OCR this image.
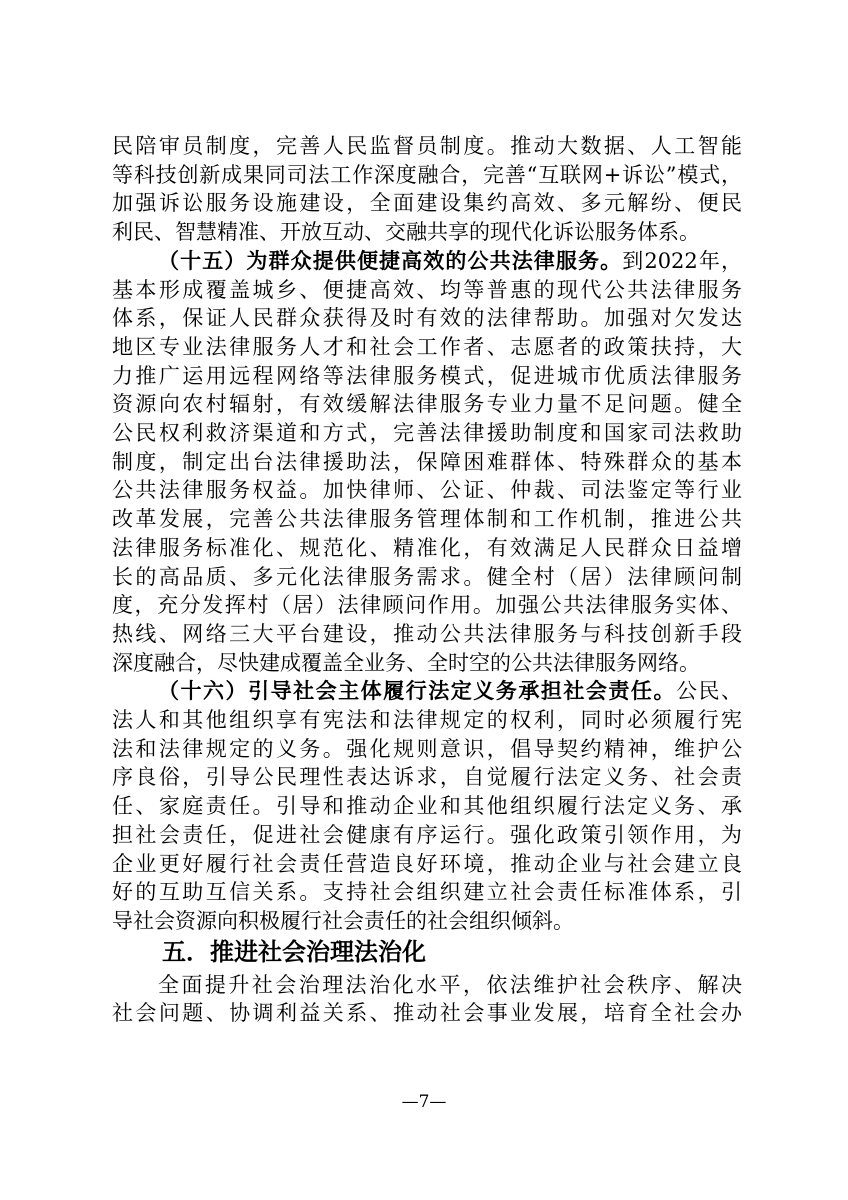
五．推进社会治理法治化
全面提升社会治理法治化水平，依法维护社会秩序、解决
社会问题、协调利益关系、推动社会事业发展，培育全社会办
—7—
民陪审员制度，完善人民监督员制度。推动大数据、人工智能
等科技创新成果同司法工作深度融合，完善“互联网+诉讼”模式，
加强诉讼服务设施建设，全面建设集约高效、多元解纷、便民
利民、智慧精准、开放互动、交融共享的现代化诉讼服务体系。
（十五）为群众提供便捷高效的公共法律服务。到2022年，
基本形成覆盖城乡、便捷高效、均等普惠的现代公共法律服务
体系，保证人民群众获得及时有效的法律帮助。加强对欠发达
地区专业法律服务人才和社会工作者、志愿者的政策扶持，大
力推广运用远程网络等法律服务模式，促进城市优质法律服务
资源向农村辐射，有效缓解法律服务专业力量不足问题。健全
公民权利救济渠道和方式，完善法律援助制度和国家司法救助
制度，制定出台法律援助法，保障困难群体、特殊群众的基本
公共法律服务权益。加快律师、公证、仲裁、司法鉴定等行业
改革发展，完善公共法律服务管理体制和工作机制，推进公共
法律服务标准化、规范化、精准化，有效满足人民群众日益增
长的高品质、多元化法律服务需求。健全村（居）法律顾问制
度，充分发挥村（居）法律顾问作用。加强公共法律服务实体、
热线、网络三大平台建设，推动公共法律服务与科技创新手段
深度融合，尽快建成覆盖全业务、全时空的公共法律服务网络。
（十六）引导社会主体履行法定义务承担社会责任。公民、
法人和其他组织享有宪法和法律规定的权利，同时必须履行宪
法和法律规定的义务。强化规则意识，倡导契约精神，维护公
序良俗，引导公民理性表达诉求，自觉履行法定义务、社会责
任、家庭责任。引导和推动企业和其他组织履行法定义务、承
担社会责任，促进社会健康有序运行。强化政策引领作用，为
企业更好履行社会责任营造良好环境，推动企业与社会建立良
好的互助互信关系。支持社会组织建立社会责任标准体系，引
导社会资源向积极履行社会责任的社会组织倾斜。
